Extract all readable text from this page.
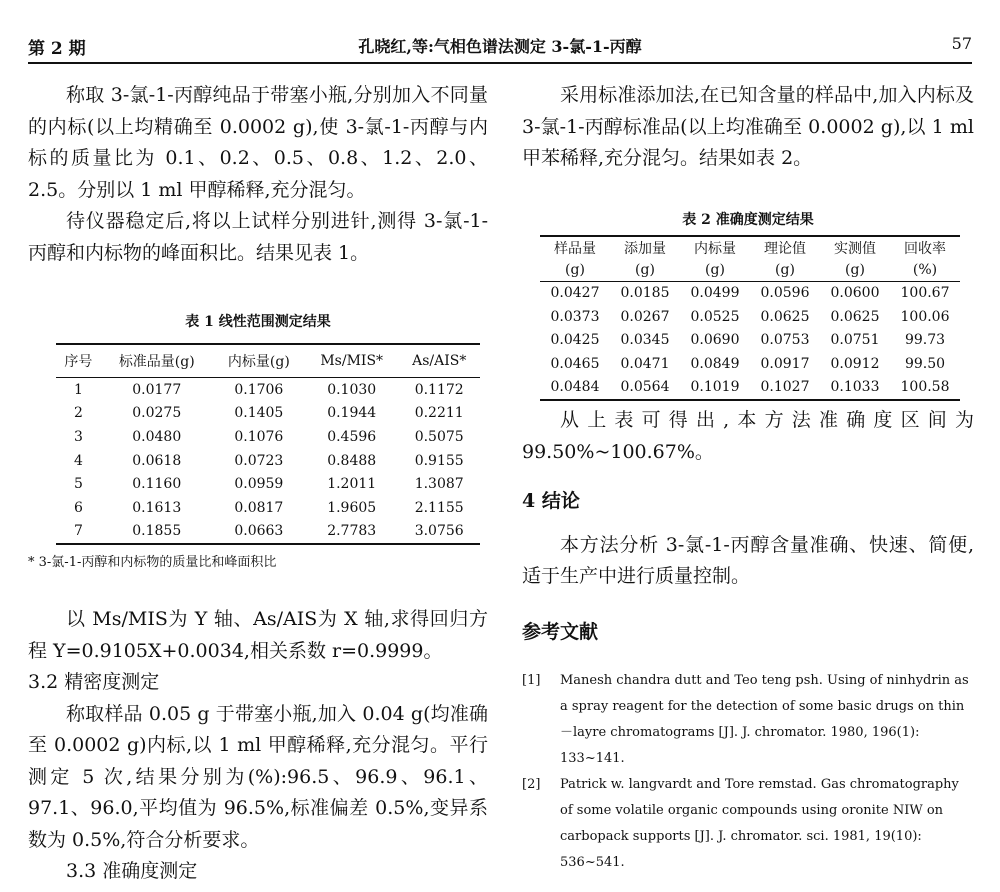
第 2 期	孔晓红,等:气相色谱法测定 3-氯-1-丙醇	57

称取 3-氯-1-丙醇纯品于带塞小瓶,分别加入不同量的内标(以上均精确至 0.0002 g),使 3-氯-1-丙醇与内标的质量比为 0.1、0.2、0.5、0.8、1.2、2.0、2.5。分别以 1 ml 甲醇稀释,充分混匀。

待仪器稳定后,将以上试样分别进针,测得 3-氯-1-丙醇和内标物的峰面积比。结果见表 1。

表 1 线性范围测定结果

序号	标准品量(g)	内标量(g)	Ms/MIS*	As/AIS*
1	0.0177	0.1706	0.1030	0.1172
2	0.0275	0.1405	0.1944	0.2211
3	0.0480	0.1076	0.4596	0.5075
4	0.0618	0.0723	0.8488	0.9155
5	0.1160	0.0959	1.2011	1.3087
6	0.1613	0.0817	1.9605	2.1155
7	0.1855	0.0663	2.7783	3.0756

* 3-氯-1-丙醇和内标物的质量比和峰面积比

以 Ms/MIS为 Y 轴、As/AIS为 X 轴,求得回归方程 Y=0.9105X+0.0034,相关系数 r=0.9999。

3.2 精密度测定

称取样品 0.05 g 于带塞小瓶,加入 0.04 g(均准确至 0.0002 g)内标,以 1 ml 甲醇稀释,充分混匀。平行测定 5 次,结果分别为(%):96.5、96.9、96.1、97.1、96.0,平均值为 96.5%,标准偏差 0.5%,变异系数为 0.5%,符合分析要求。

3.3 准确度测定

采用标准添加法,在已知含量的样品中,加入内标及 3-氯-1-丙醇标准品(以上均准确至 0.0002 g),以 1 ml 甲苯稀释,充分混匀。结果如表 2。

表 2 准确度测定结果

样品量	添加量	内标量	理论值	实测值	回收率
(g)	(g)	(g)	(g)	(g)	(%)
0.0427	0.0185	0.0499	0.0596	0.0600	100.67
0.0373	0.0267	0.0525	0.0625	0.0625	100.06
0.0425	0.0345	0.0690	0.0753	0.0751	99.73
0.0465	0.0471	0.0849	0.0917	0.0912	99.50
0.0484	0.0564	0.1019	0.1027	0.1033	100.58

从上表可得出,本方法准确度区间为 99.50%~100.67%。

4 结论

本方法分析 3-氯-1-丙醇含量准确、快速、简便,适于生产中进行质量控制。

参考文献

[1] Manesh chandra dutt and Teo teng psh. Using of ninhydrin as a spray reagent for the detection of some basic drugs on thin－layre chromatograms [J]. J. chromator. 1980, 196(1): 133~141.

[2] Patrick w. langvardt and Tore remstad. Gas chromatography of some volatile organic compounds using oronite NIW on carbopack supports [J]. J. chromator. sci. 1981, 19(10): 536~541.
